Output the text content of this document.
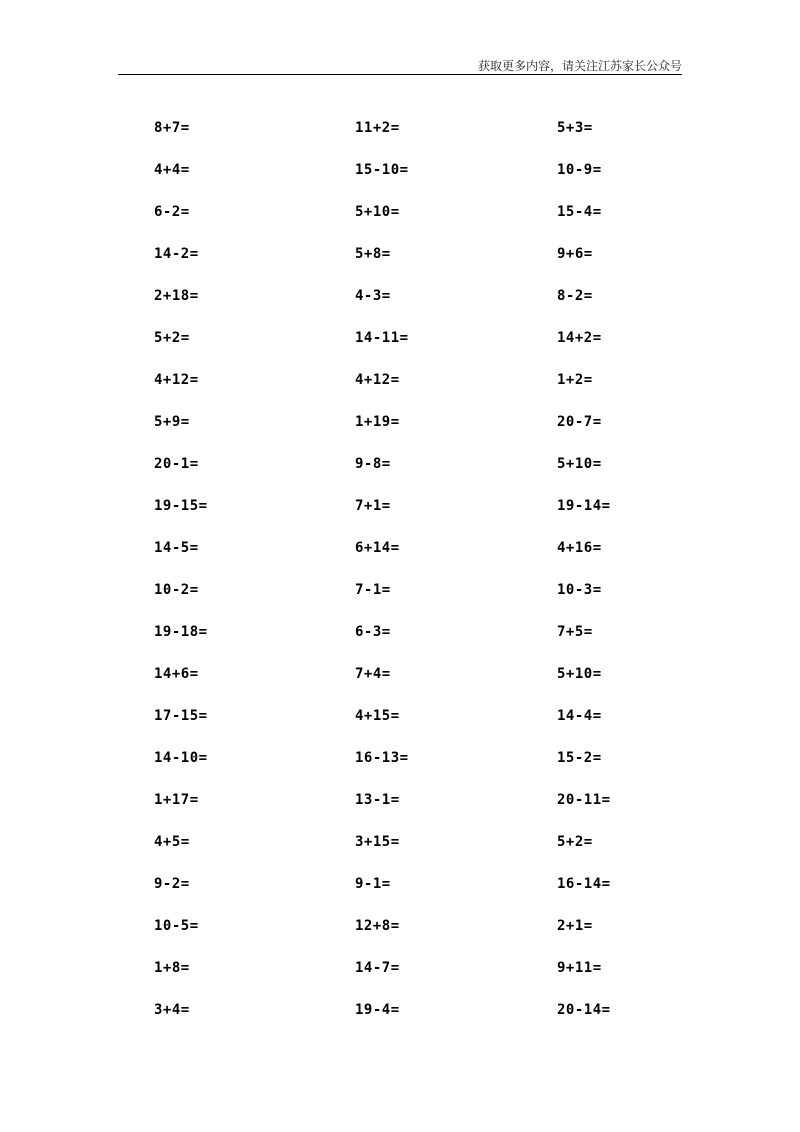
获取更多内容，请关注江苏家长公众号
8+7=
4+4=
6-2=
14-2=
2+18=
5+2=
4+12=
5+9=
20-1=
19-15=
14-5=
10-2=
19-18=
14+6=
17-15=
14-10=
1+17=
4+5=
9-2=
10-5=
1+8=
3+4=
11+2=
15-10=
5+10=
5+8=
4-3=
14-11=
4+12=
1+19=
9-8=
7+1=
6+14=
7-1=
6-3=
7+4=
4+15=
16-13=
13-1=
3+15=
9-1=
12+8=
14-7=
19-4=
5+3=
10-9=
15-4=
9+6=
8-2=
14+2=
1+2=
20-7=
5+10=
19-14=
4+16=
10-3=
7+5=
5+10=
14-4=
15-2=
20-11=
5+2=
16-14=
2+1=
9+11=
20-14=
